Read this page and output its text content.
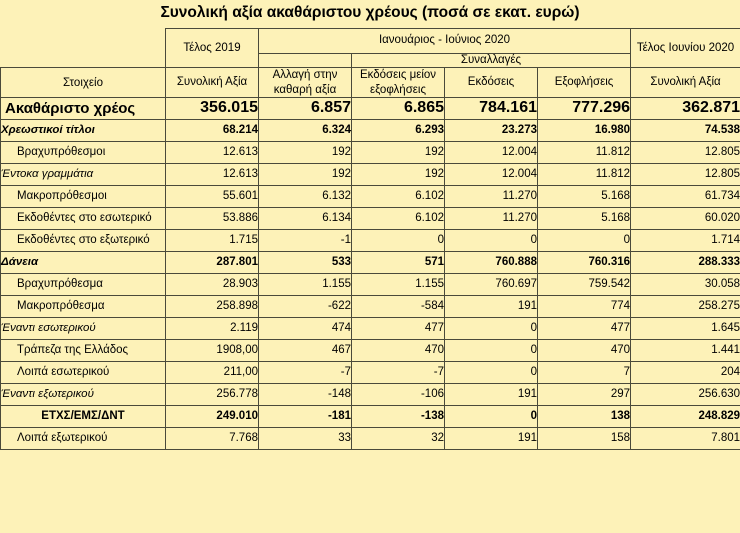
Συνολική αξία ακαθάριστου χρέους (ποσά σε εκατ. ευρώ)
	Τέλος 2019	Ιανουάριος - Ιούνιος 2020				Τέλος Ιουνίου 2020
			Συναλλαγές			
Στοιχείο	Συνολική Αξία	Αλλαγή στην καθαρή αξία	Εκδόσεις μείον εξοφλήσεις	Εκδόσεις	Εξοφλήσεις	Συνολική Αξία
Ακαθάριστο χρέος	356.015	6.857	6.865	784.161	777.296	362.871
Χρεωστικοί τίτλοι	68.214	6.324	6.293	23.273	16.980	74.538
Βραχυπρόθεσμοι	12.613	192	192	12.004	11.812	12.805
Έντοκα γραμμάτια	12.613	192	192	12.004	11.812	12.805
Μακροπρόθεσμοι	55.601	6.132	6.102	11.270	5.168	61.734
Εκδοθέντες στο εσωτερικό	53.886	6.134	6.102	11.270	5.168	60.020
Εκδοθέντες στο εξωτερικό	1.715	-1	0	0	0	1.714
Δάνεια	287.801	533	571	760.888	760.316	288.333
Βραχυπρόθεσμα	28.903	1.155	1.155	760.697	759.542	30.058
Μακροπρόθεσμα	258.898	-622	-584	191	774	258.275
Έναντι εσωτερικού	2.119	474	477	0	477	1.645
Τράπεζα της Ελλάδος	1908,00	467	470	0	470	1.441
Λοιπά εσωτερικού	211,00	-7	-7	0	7	204
Έναντι εξωτερικού	256.778	-148	-106	191	297	256.630
ΕΤΧΣ/ΕΜΣ/ΔΝΤ	249.010	-181	-138	0	138	248.829
Λοιπά εξωτερικού	7.768	33	32	191	158	7.801
